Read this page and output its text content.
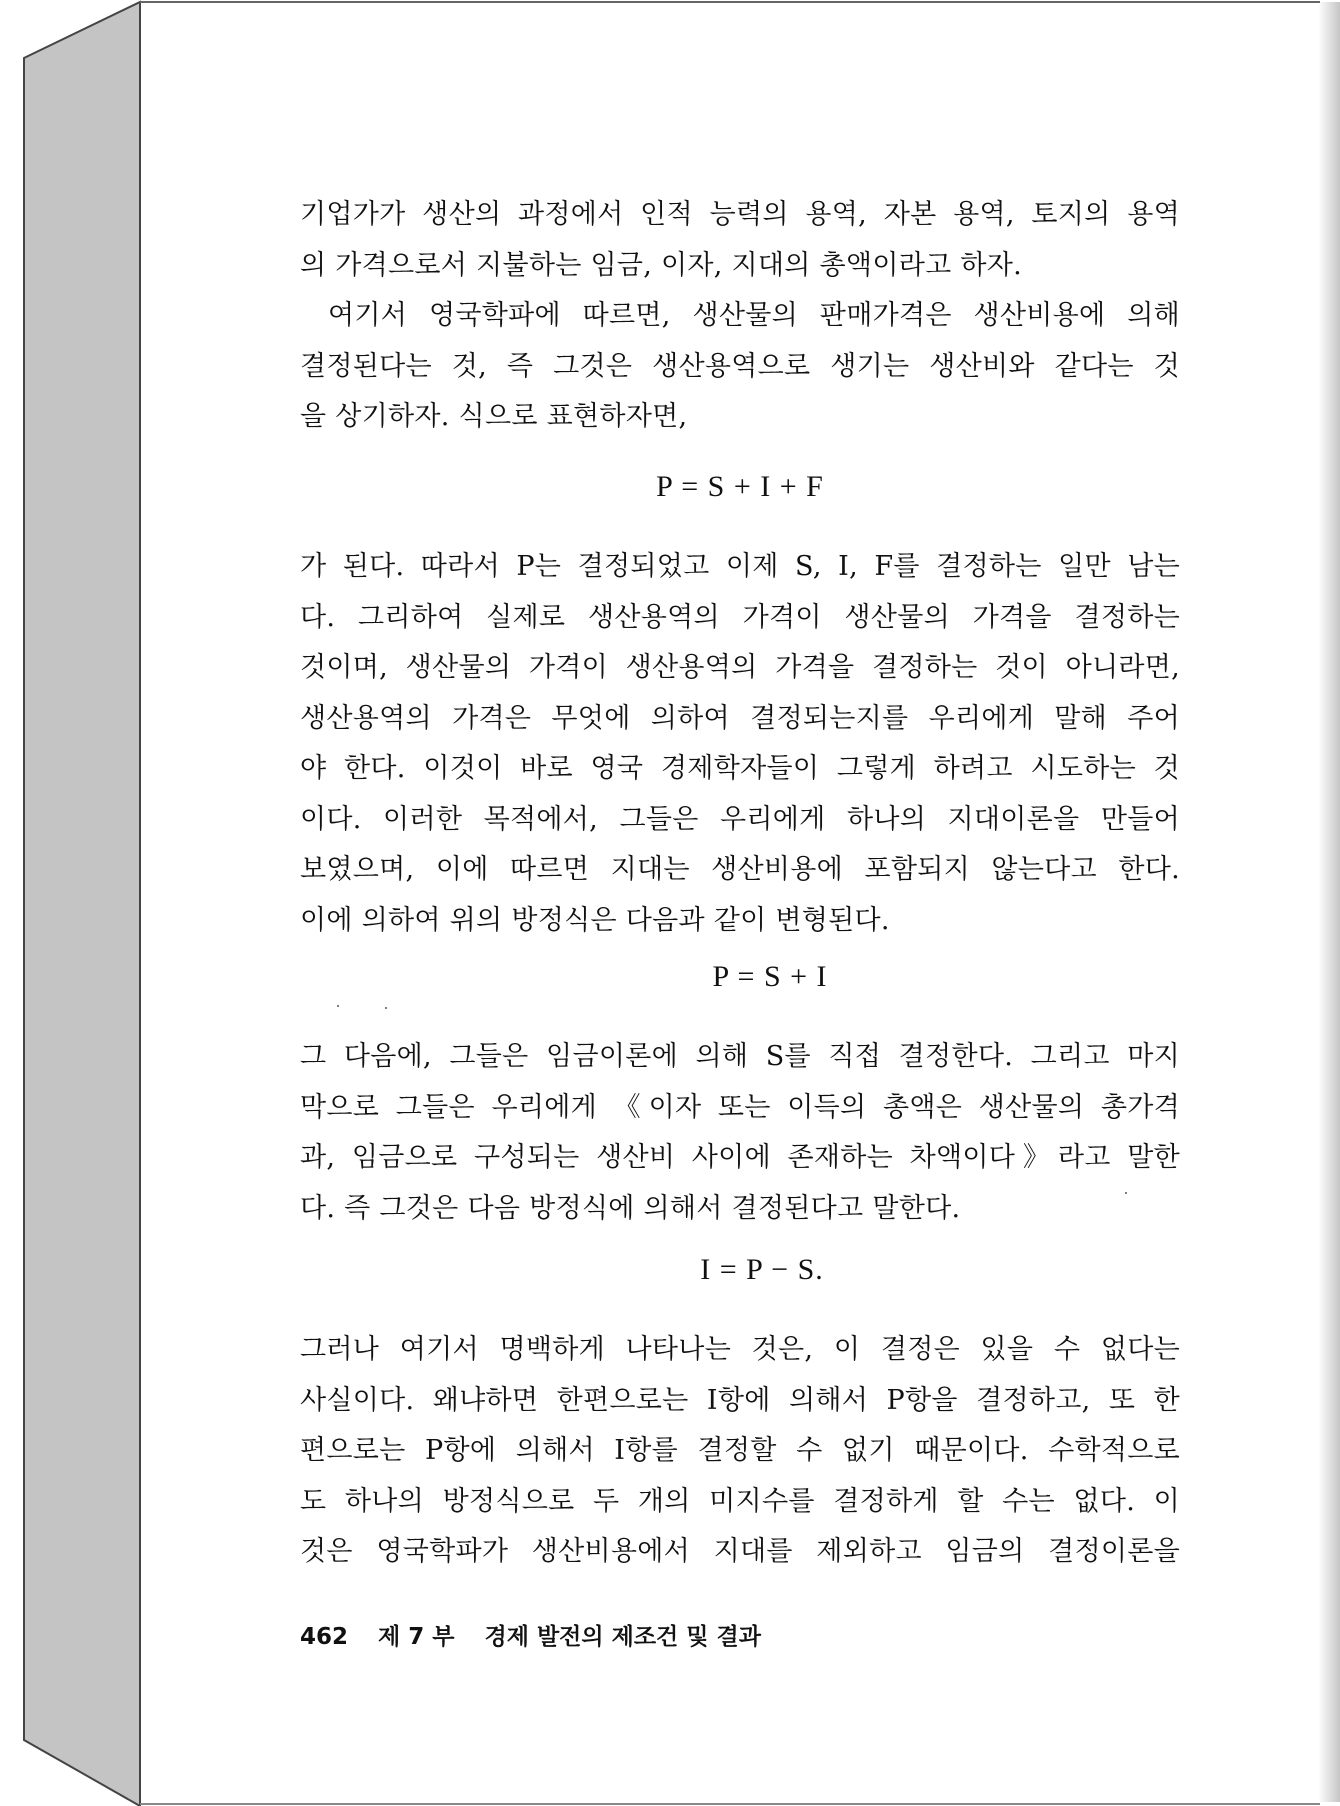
기업가가 생산의 과정에서 인적 능력의 용역, 자본 용역, 토지의 용역
의 가격으로서 지불하는 임금, 이자, 지대의 총액이라고 하자.
여기서 영국학파에 따르면, 생산물의 판매가격은 생산비용에 의해
결정된다는 것, 즉 그것은 생산용역으로 생기는 생산비와 같다는 것
을 상기하자. 식으로 표현하자면,
P = S + I + F
가 된다. 따라서 P는 결정되었고 이제 S, I, F를 결정하는 일만 남는
다. 그리하여 실제로 생산용역의 가격이 생산물의 가격을 결정하는
것이며, 생산물의 가격이 생산용역의 가격을 결정하는 것이 아니라면,
생산용역의 가격은 무엇에 의하여 결정되는지를 우리에게 말해 주어
야 한다. 이것이 바로 영국 경제학자들이 그렇게 하려고 시도하는 것
이다. 이러한 목적에서, 그들은 우리에게 하나의 지대이론을 만들어
보였으며, 이에 따르면 지대는 생산비용에 포함되지 않는다고 한다.
이에 의하여 위의 방정식은 다음과 같이 변형된다.
P = S + I
그 다음에, 그들은 임금이론에 의해 S를 직접 결정한다. 그리고 마지
막으로 그들은 우리에게 《이자 또는 이득의 총액은 생산물의 총가격
과, 임금으로 구성되는 생산비 사이에 존재하는 차액이다》라고 말한
다. 즉 그것은 다음 방정식에 의해서 결정된다고 말한다.
I = P − S.
그러나 여기서 명백하게 나타나는 것은, 이 결정은 있을 수 없다는
사실이다. 왜냐하면 한편으로는 I항에 의해서 P항을 결정하고, 또 한
편으로는 P항에 의해서 I항를 결정할 수 없기 때문이다. 수학적으로
도 하나의 방정식으로 두 개의 미지수를 결정하게 할 수는 없다. 이
것은 영국학파가 생산비용에서 지대를 제외하고 임금의 결정이론을
462 제 7 부 경제 발전의 제조건 및 결과
